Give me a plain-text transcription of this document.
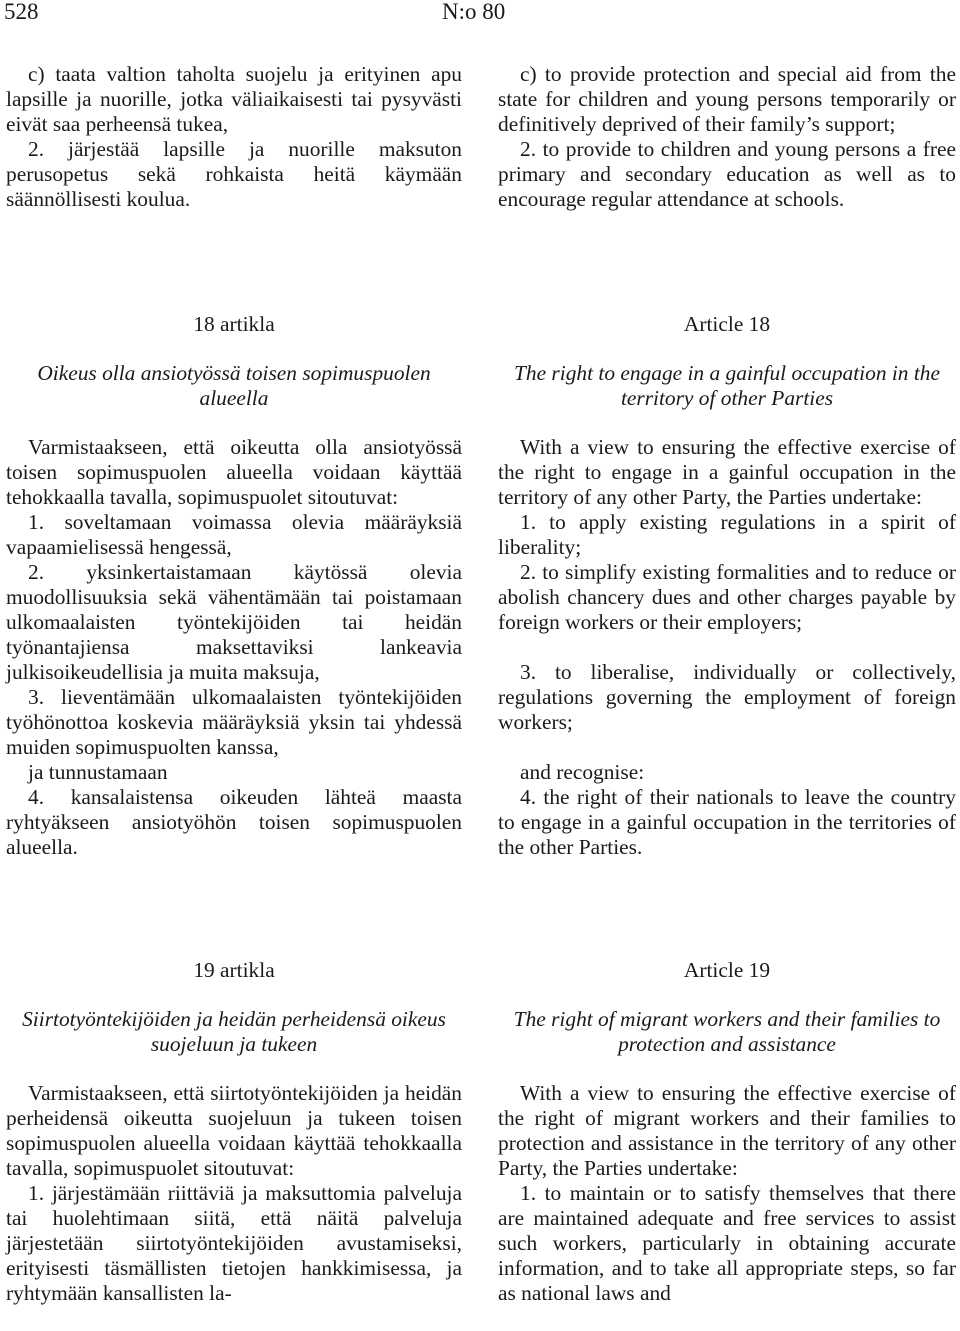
528	N:o 80

c) taata valtion taholta suojelu ja erityinen apu lapsille ja nuorille, jotka väliaikaisesti tai pysyvästi eivät saa perheensä tukea,

2. järjestää lapsille ja nuorille maksuton perusopetus sekä rohkaista heitä käymään säännöllisesti koulua.

c) to provide protection and special aid from the state for children and young persons temporarily or definitively deprived of their family’s support;

2. to provide to children and young persons a free primary and secondary education as well as to encourage regular attendance at schools.

18 artikla

Oikeus olla ansiotyössä toisen sopimuspuolen alueella

Varmistaakseen, että oikeutta olla ansiotyössä toisen sopimuspuolen alueella voidaan käyttää tehokkaalla tavalla, sopimuspuolet sitoutuvat:

1. soveltamaan voimassa olevia määräyksiä vapaamielisessä hengessä,

2. yksinkertaistamaan käytössä olevia muodollisuuksia sekä vähentämään tai poistamaan ulkomaalaisten työntekijöiden tai heidän työnantajiensa maksettaviksi lankeavia julkisoikeudellisia ja muita maksuja,

3. lieventämään ulkomaalaisten työntekijöiden työhönottoa koskevia määräyksiä yksin tai yhdessä muiden sopimuspuolten kanssa,

ja tunnustamaan

4. kansalaistensa oikeuden lähteä maasta ryhtyäkseen ansiotyöhön toisen sopimuspuolen alueella.

Article 18

The right to engage in a gainful occupation in the territory of other Parties

With a view to ensuring the effective exercise of the right to engage in a gainful occupation in the territory of any other Party, the Parties undertake:

1. to apply existing regulations in a spirit of liberality;

2. to simplify existing formalities and to reduce or abolish chancery dues and other charges payable by foreign workers or their employers;

3. to liberalise, individually or collectively, regulations governing the employment of foreign workers;

and recognise:

4. the right of their nationals to leave the country to engage in a gainful occupation in the territories of the other Parties.

19 artikla

Siirtotyöntekijöiden ja heidän perheidensä oikeus suojeluun ja tukeen

Varmistaakseen, että siirtotyöntekijöiden ja heidän perheidensä oikeutta suojeluun ja tukeen toisen sopimuspuolen alueella voidaan käyttää tehokkaalla tavalla, sopimuspuolet sitoutuvat:

1. järjestämään riittäviä ja maksuttomia palveluja tai huolehtimaan siitä, että näitä palveluja järjestetään siirtotyöntekijöiden avustamiseksi, erityisesti täsmällisten tietojen hankkimisessa, ja ryhtymään kansallisten la-

Article 19

The right of migrant workers and their families to protection and assistance

With a view to ensuring the effective exercise of the right of migrant workers and their families to protection and assistance in the territory of any other Party, the Parties undertake:

1. to maintain or to satisfy themselves that there are maintained adequate and free services to assist such workers, particularly in obtaining accurate information, and to take all appropriate steps, so far as national laws and
